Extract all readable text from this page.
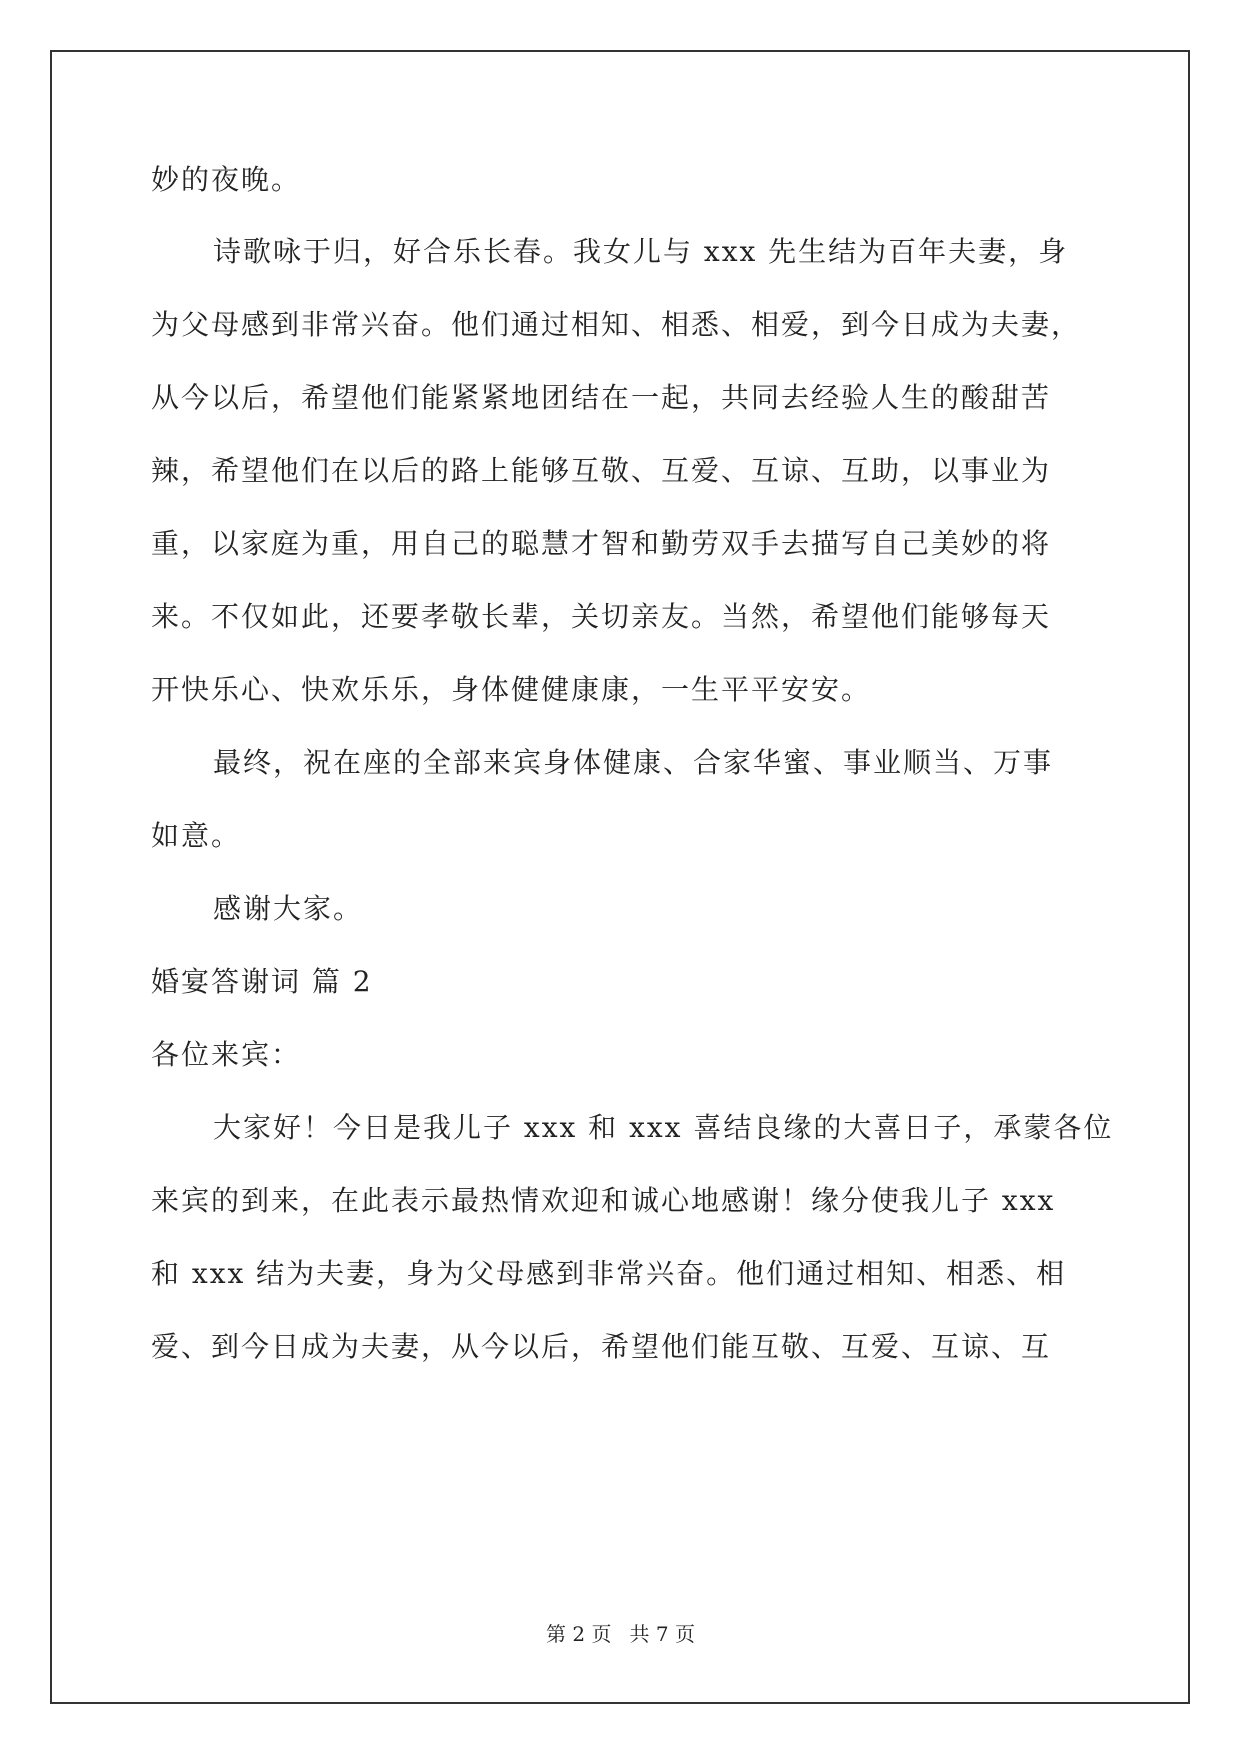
妙的夜晚。
诗歌咏于归，好合乐长春。我女儿与 xxx 先生结为百年夫妻，身
为父母感到非常兴奋。他们通过相知、相悉、相爱，到今日成为夫妻，
从今以后，希望他们能紧紧地团结在一起，共同去经验人生的酸甜苦
辣，希望他们在以后的路上能够互敬、互爱、互谅、互助，以事业为
重，以家庭为重，用自己的聪慧才智和勤劳双手去描写自己美妙的将
来。不仅如此，还要孝敬长辈，关切亲友。当然，希望他们能够每天
开快乐心、快欢乐乐，身体健健康康，一生平平安安。
最终，祝在座的全部来宾身体健康、合家华蜜、事业顺当、万事
如意。
感谢大家。
婚宴答谢词 篇 2
各位来宾：
大家好！今日是我儿子 xxx 和 xxx 喜结良缘的大喜日子，承蒙各位
来宾的到来，在此表示最热情欢迎和诚心地感谢！缘分使我儿子 xxx
和 xxx 结为夫妻，身为父母感到非常兴奋。他们通过相知、相悉、相
爱、到今日成为夫妻，从今以后，希望他们能互敬、互爱、互谅、互
第 2 页 共 7 页
